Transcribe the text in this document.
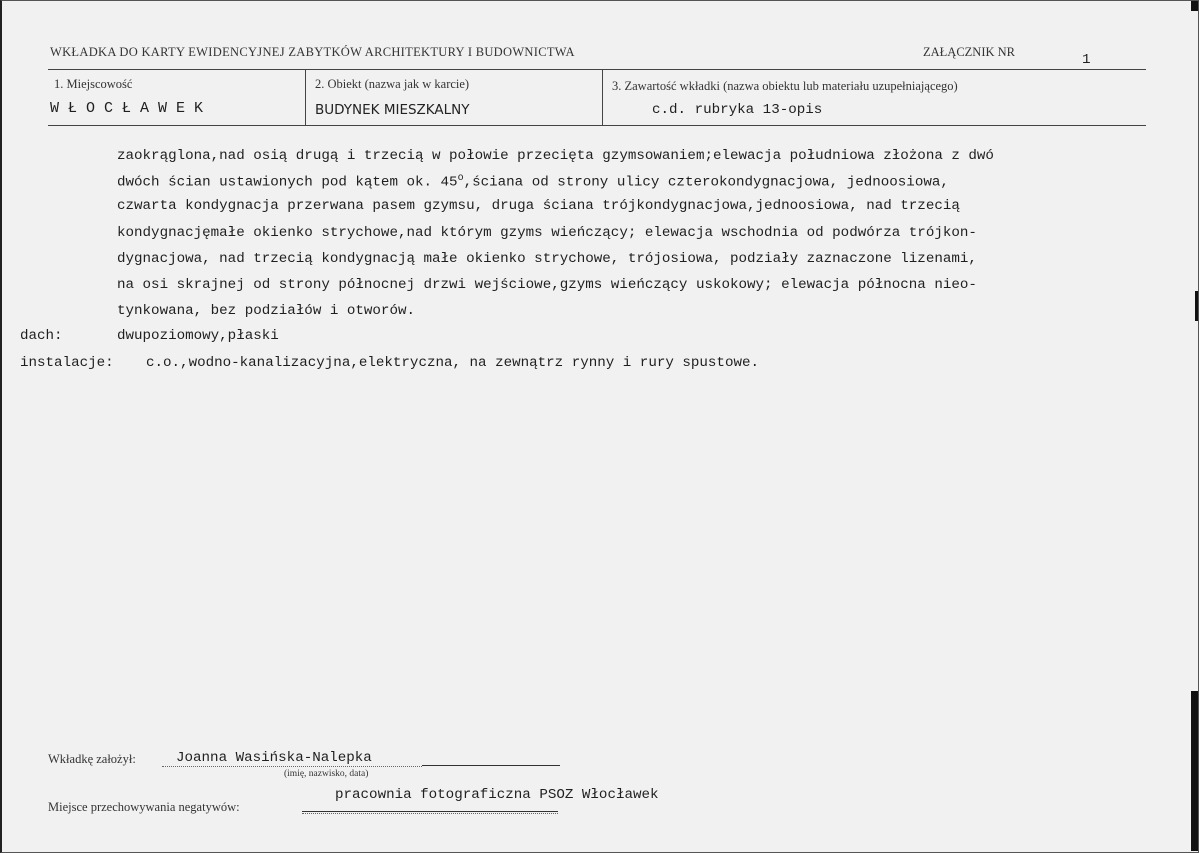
WKŁADKA DO KARTY EWIDENCYJNEJ ZABYTKÓW ARCHITEKTURY I BUDOWNICTWA	ZAŁĄCZNIK NR	1
1. Miejscowość
W Ł O C Ł A W E K
2. Obiekt (nazwa jak w karcie)
BUDYNEK MIESZKALNY
3. Zawartość wkładki (nazwa obiektu lub materiału uzupełniającego)
c.d. rubryka 13-opis
zaokrąglona,nad osią drugą i trzecią w połowie przecięta gzymsowaniem;elewacja południowa złożona z dwó
dwóch ścian ustawionych pod kątem ok. 45$^o$,ściana od strony ulicy czterokondygnacjowa, jednoosiowa,
czwarta kondygnacja przerwana pasem gzymsu, druga ściana trójkondygnacjowa,jednoosiowa, nad trzecią
kondygnacjęmałe okienko strychowe,nad którym gzyms wieńczący; elewacja wschodnia od podwórza trójkon-
dygnacjowa, nad trzecią kondygnacją małe okienko strychowe, trójosiowa, podziały zaznaczone lizenami,
na osi skrajnej od strony północnej drzwi wejściowe,gzyms wieńczący uskokowy; elewacja północna nieo-
tynkowana, bez podziałów i otworów.
dach:	dwupoziomowy,płaski
instalacje: c.o.,wodno-kanalizacyjna,elektryczna, na zewnątrz rynny i rury spustowe.
Wkładkę założył:	Joanna Wasińska-Nalepka
(imię, nazwisko, data)
Miejsce przechowywania negatywów:
pracownia fotograficzna PSOZ Włocławek
